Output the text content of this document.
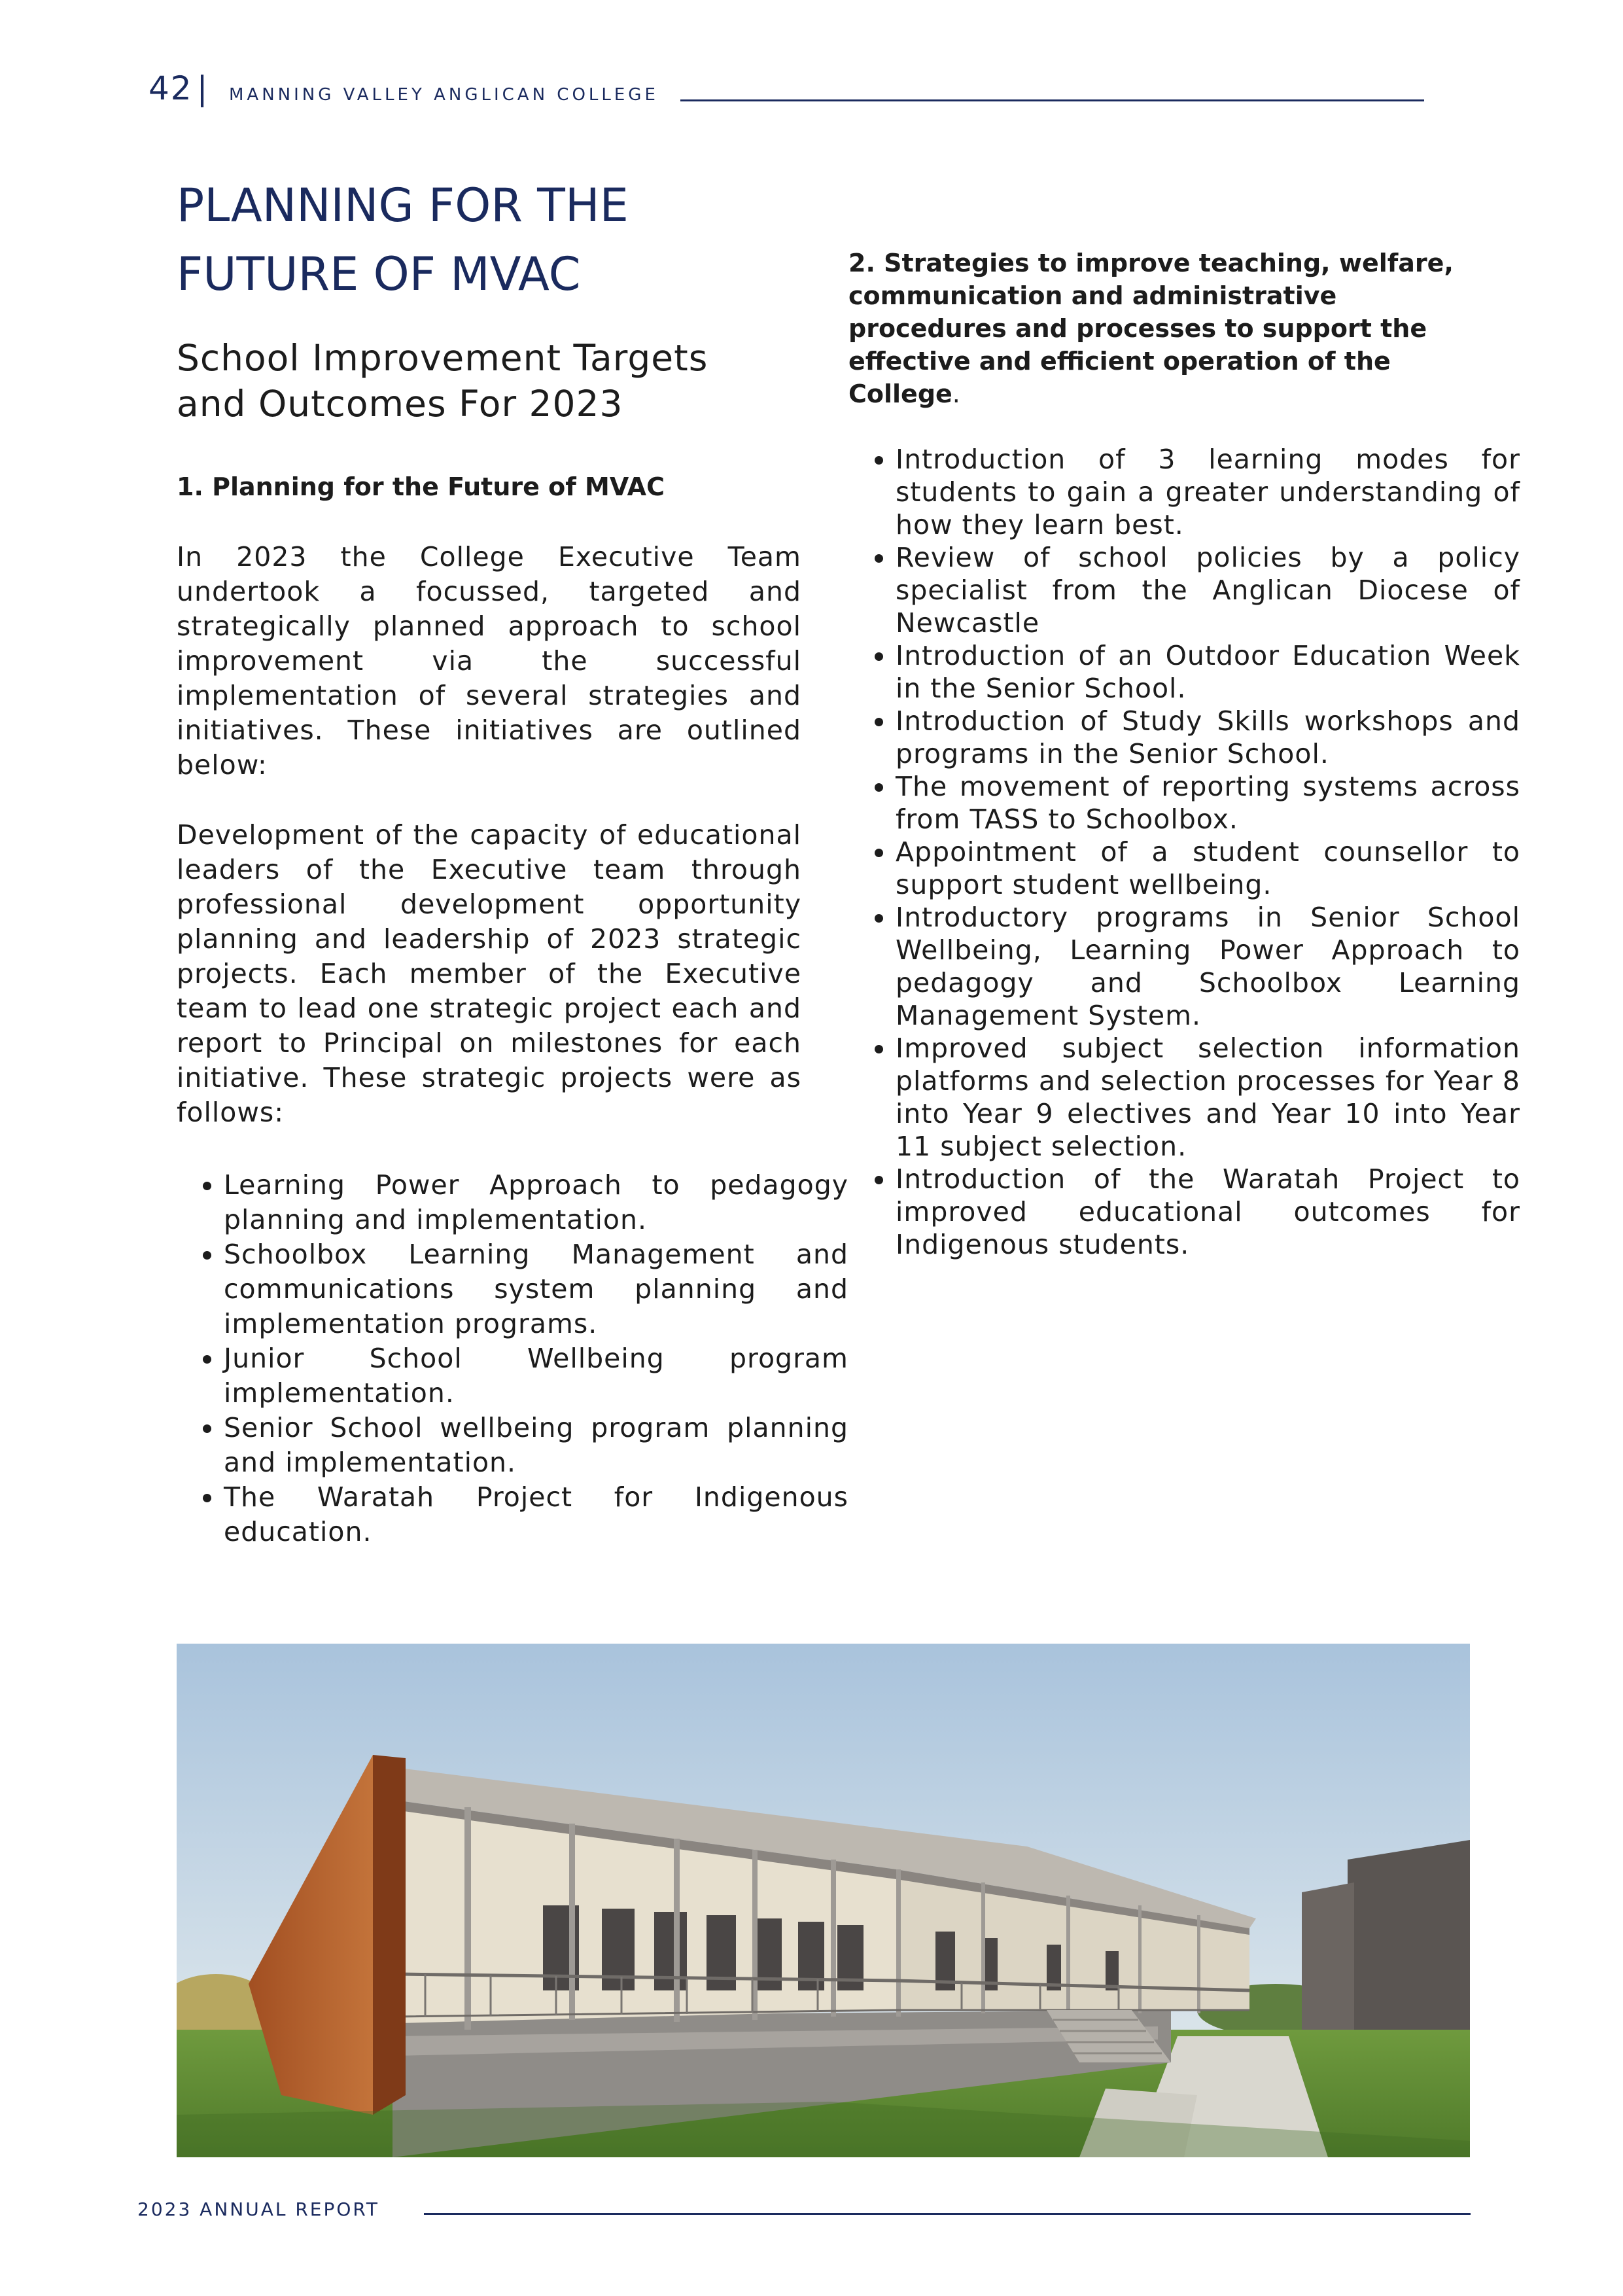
42 | MANNING VALLEY ANGLICAN COLLEGE
PLANNING FOR THE
FUTURE OF MVAC
School Improvement Targets
and Outcomes For 2023
1. Planning for the Future of MVAC

In 2023 the College Executive Team undertook a focussed, targeted and strategically planned approach to school improvement via the successful implementation of several strategies and initiatives. These initiatives are outlined below:

Development of the capacity of educational leaders of the Executive team through professional development opportunity planning and leadership of 2023 strategic projects. Each member of the Executive team to lead one strategic project each and report to Principal on milestones for each initiative. These strategic projects were as follows:

• Learning Power Approach to pedagogy planning and implementation.
• Schoolbox Learning Management and communications system planning and implementation programs.
• Junior School Wellbeing program implementation.
• Senior School wellbeing program planning and implementation.
• The Waratah Project for Indigenous education.

2. Strategies to improve teaching, welfare, communication and administrative procedures and processes to support the effective and efficient operation of the College.

• Introduction of 3 learning modes for students to gain a greater understanding of how they learn best.
• Review of school policies by a policy specialist from the Anglican Diocese of Newcastle
• Introduction of an Outdoor Education Week in the Senior School.
• Introduction of Study Skills workshops and programs in the Senior School.
• The movement of reporting systems across from TASS to Schoolbox.
• Appointment of a student counsellor to support student wellbeing.
• Introductory programs in Senior School Wellbeing, Learning Power Approach to pedagogy and Schoolbox Learning Management System.
• Improved subject selection information platforms and selection processes for Year 8 into Year 9 electives and Year 10 into Year 11 subject selection.
• Introduction of the Waratah Project to improved educational outcomes for Indigenous students.
2023 ANNUAL REPORT
